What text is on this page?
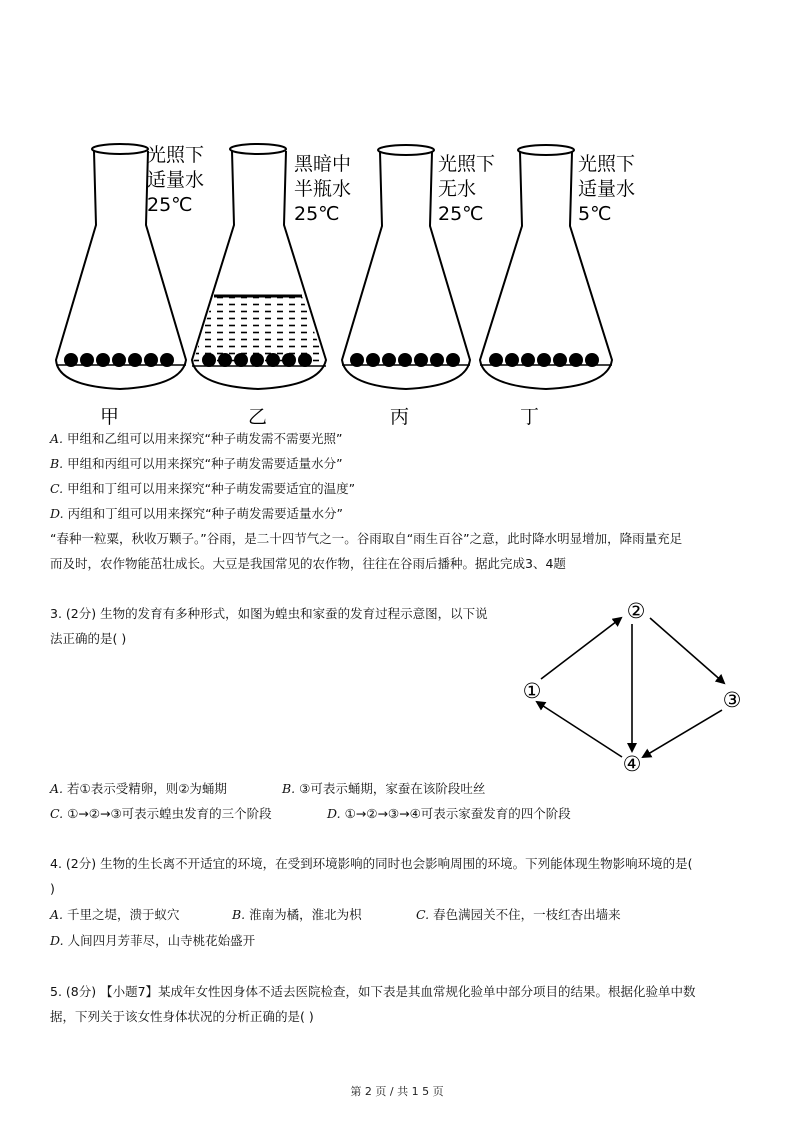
光照下
适量水
25℃
黑暗中
半瓶水
25℃
光照下
无水
25℃
光照下
适量水
5℃
甲	乙	丙	丁
A. 甲组和乙组可以用来探究“种子萌发需不需要光照”
B. 甲组和丙组可以用来探究“种子萌发需要适量水分”
C. 甲组和丁组可以用来探究“种子萌发需要适宜的温度”
D. 丙组和丁组可以用来探究“种子萌发需要适量水分”
“春种一粒粟，秋收万颗子。”谷雨，是二十四节气之一。谷雨取自“雨生百谷”之意，此时降水明显增加，降雨量充足
而及时，农作物能茁壮成长。大豆是我国常见的农作物，往往在谷雨后播种。据此完成3、4题
3. (2分) 生物的发育有多种形式，如图为蝗虫和家蚕的发育过程示意图，以下说
法正确的是( )
①
②
③
④
A. 若①表示受精卵，则②为蛹期	B. ③可表示蛹期，家蚕在该阶段吐丝
C. ①→②→③可表示蝗虫发育的三个阶段	D. ①→②→③→④可表示家蚕发育的四个阶段
4. (2分) 生物的生长离不开适宜的环境，在受到环境影响的同时也会影响周围的环境。下列能体现生物影响环境的是(
)
A. 千里之堤，溃于蚁穴	B. 淮南为橘，淮北为枳	C. 春色满园关不住，一枝红杏出墙来
D. 人间四月芳菲尽，山寺桃花始盛开
5. (8分) 【小题7】某成年女性因身体不适去医院检查，如下表是其血常规化验单中部分项目的结果。根据化验单中数
据，下列关于该女性身体状况的分析正确的是( )
第 2 页 / 共 1 5 页
